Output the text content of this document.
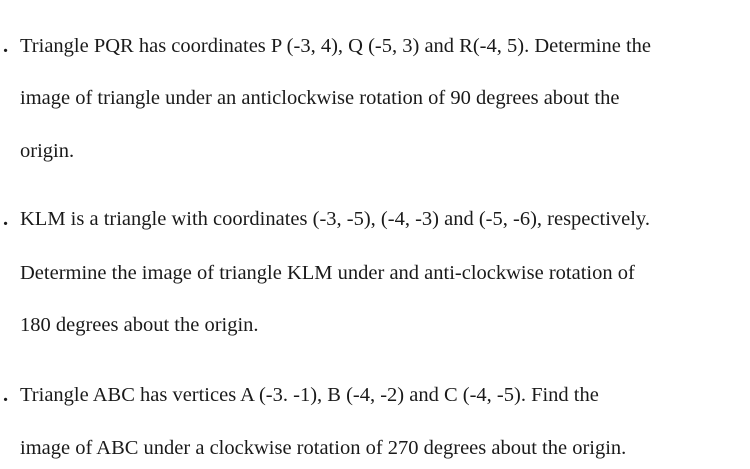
. Triangle PQR has coordinates P (-3, 4), Q (-5, 3) and R(-4, 5). Determine the
image of triangle under an anticlockwise rotation of 90 degrees about the
origin.
. KLM is a triangle with coordinates (-3, -5), (-4, -3) and (-5, -6), respectively.
Determine the image of triangle KLM under and anti-clockwise rotation of
180 degrees about the origin.
. Triangle ABC has vertices A (-3. -1), B (-4, -2) and C (-4, -5). Find the
image of ABC under a clockwise rotation of 270 degrees about the origin.
